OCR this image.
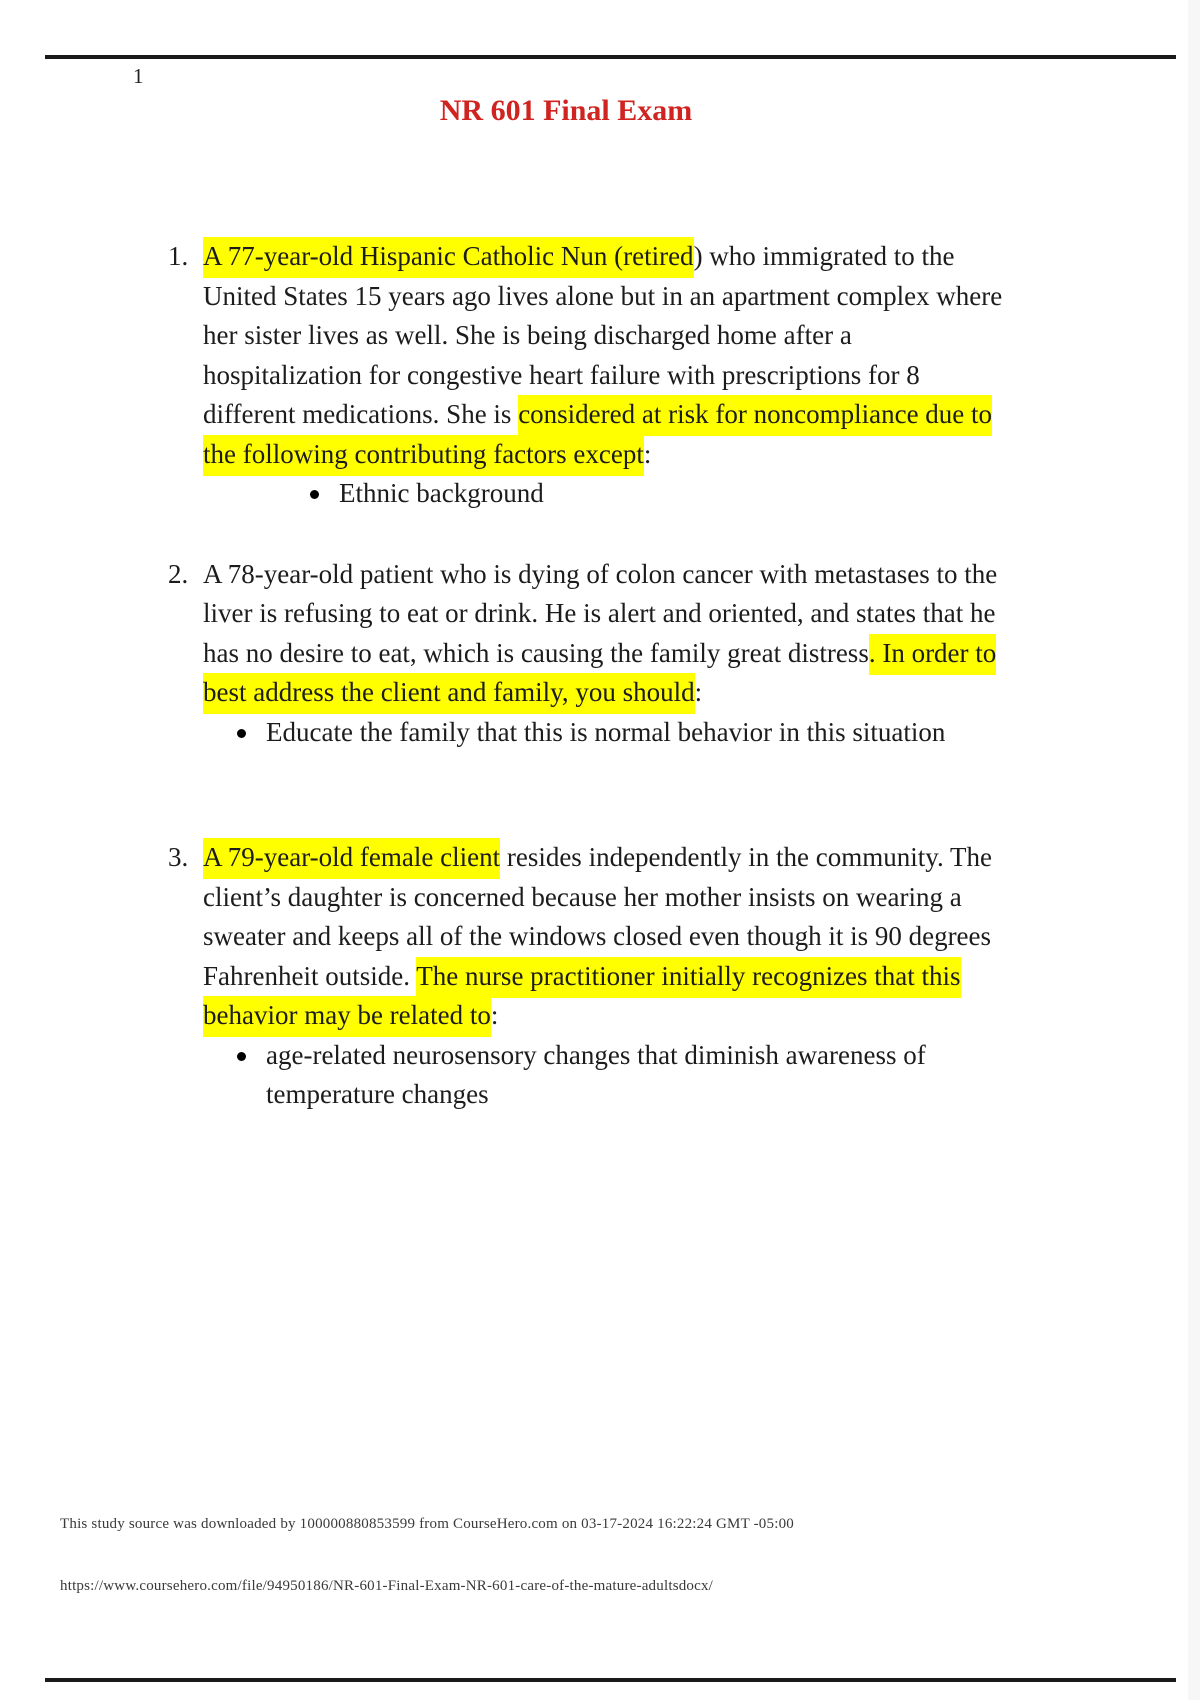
1
NR 601 Final Exam
1. A 77-year-old Hispanic Catholic Nun (retired) who immigrated to the United States 15 years ago lives alone but in an apartment complex where her sister lives as well. She is being discharged home after a hospitalization for congestive heart failure with prescriptions for 8 different medications. She is considered at risk for noncompliance due to the following contributing factors except:
Ethnic background
2. A 78-year-old patient who is dying of colon cancer with metastases to the liver is refusing to eat or drink. He is alert and oriented, and states that he has no desire to eat, which is causing the family great distress. In order to best address the client and family, you should:
Educate the family that this is normal behavior in this situation
3. A 79-year-old female client resides independently in the community. The client’s daughter is concerned because her mother insists on wearing a sweater and keeps all of the windows closed even though it is 90 degrees Fahrenheit outside. The nurse practitioner initially recognizes that this behavior may be related to:
age-related neurosensory changes that diminish awareness of temperature changes
This study source was downloaded by 100000880853599 from CourseHero.com on 03-17-2024 16:22:24 GMT -05:00
https://www.coursehero.com/file/94950186/NR-601-Final-Exam-NR-601-care-of-the-mature-adultsdocx/
